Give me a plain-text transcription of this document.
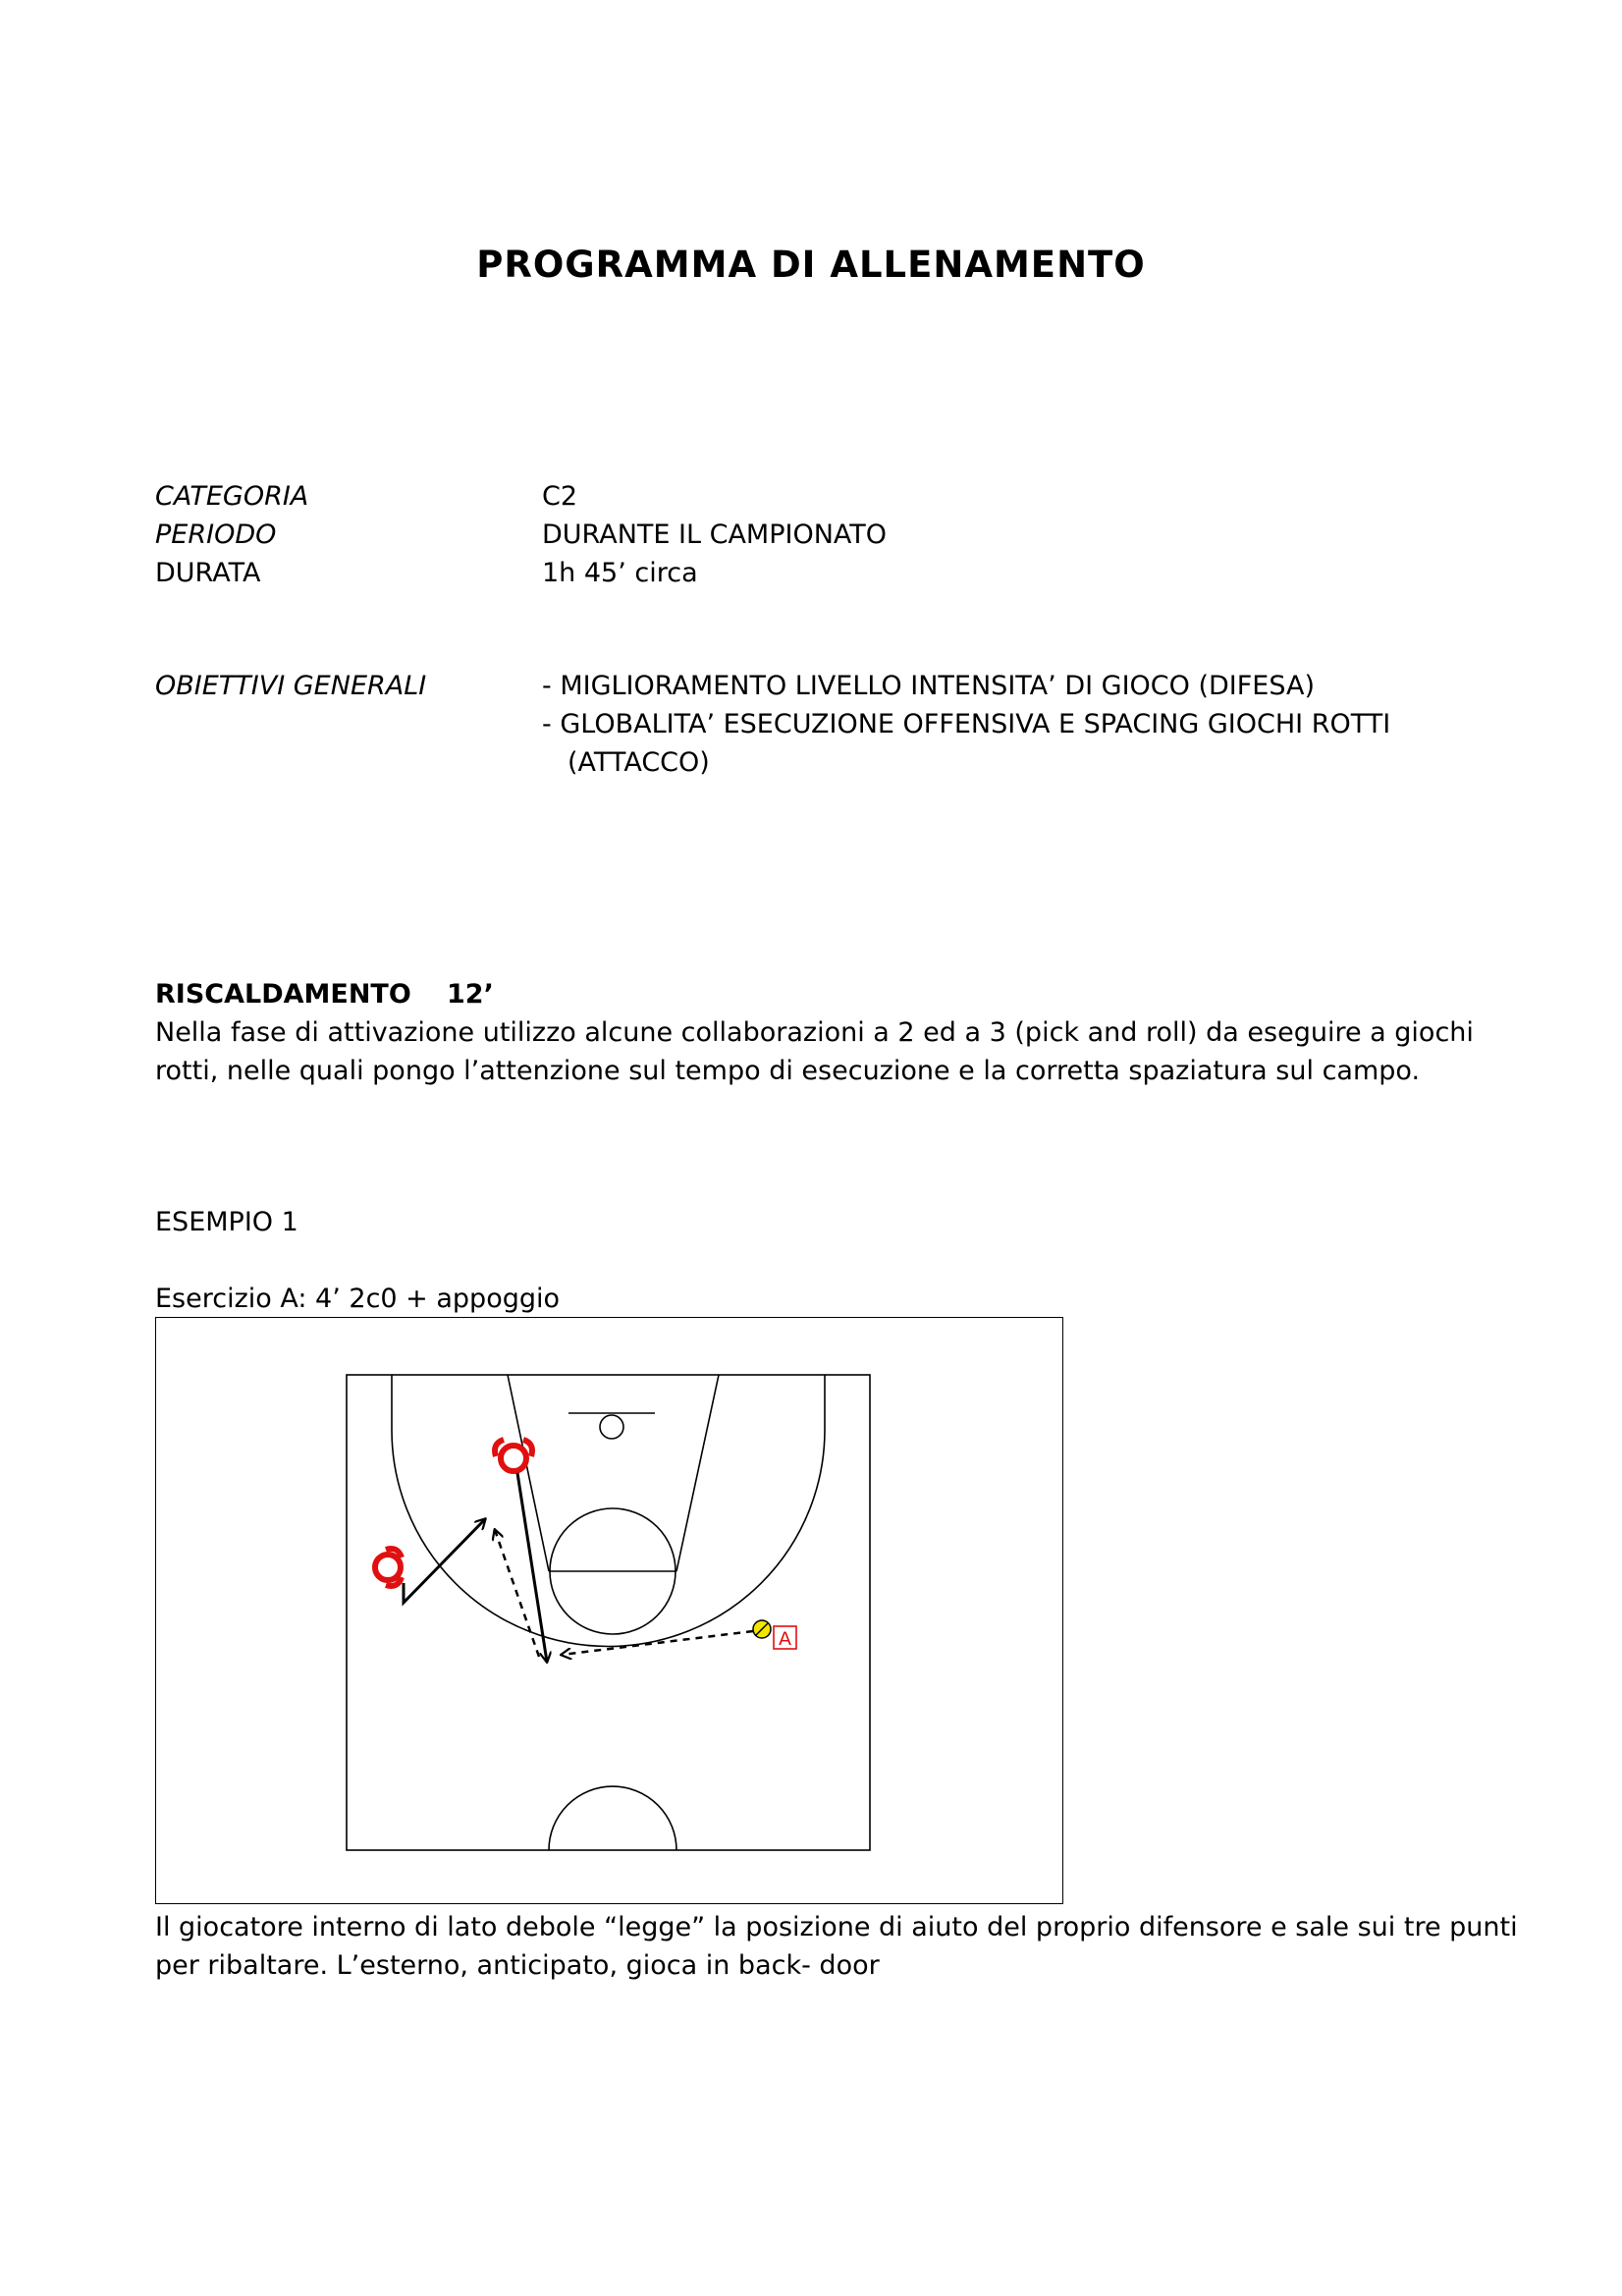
PROGRAMMA DI ALLENAMENTO
CATEGORIA	C2
PERIODO	DURANTE IL CAMPIONATO
DURATA	1h 45’ circa
OBIETTIVI GENERALI	- MIGLIORAMENTO LIVELLO INTENSITA’ DI GIOCO (DIFESA)
- GLOBALITA’ ESECUZIONE OFFENSIVA E SPACING GIOCHI ROTTI
(ATTACCO)
RISCALDAMENTO 12’
Nella fase di attivazione utilizzo alcune collaborazioni a 2 ed a 3 (pick and roll) da eseguire a giochi
rotti, nelle quali pongo l’attenzione sul tempo di esecuzione e la corretta spaziatura sul campo.
ESEMPIO 1
Esercizio A: 4’ 2c0 + appoggio
A
Il giocatore interno di lato debole “legge” la posizione di aiuto del proprio difensore e sale sui tre punti
per ribaltare. L’esterno, anticipato, gioca in back- door
